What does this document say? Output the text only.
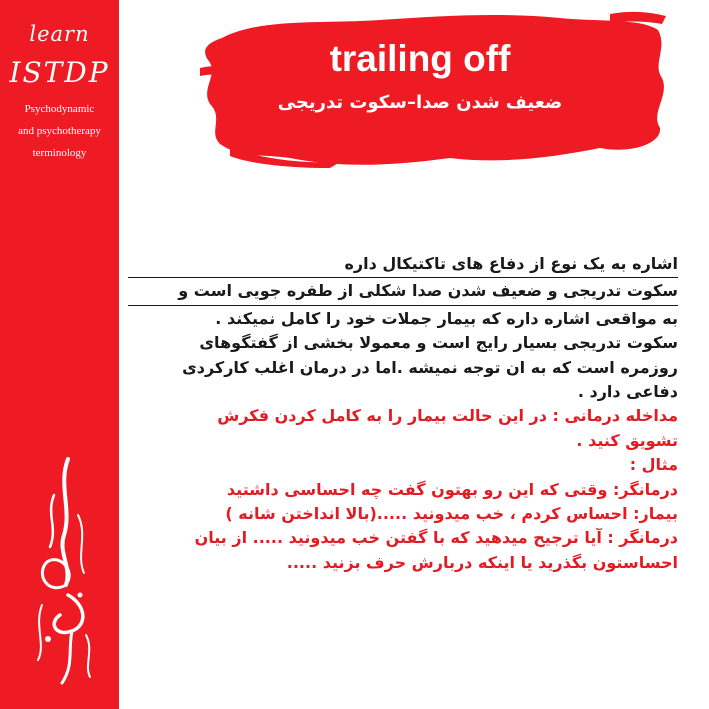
learn
ISTDP
Psychodynamic
and psychotherapy
terminology
trailing off
ضعیف شدن صدا–سکوت تدریجی
اشاره به یک نوع از دفاع های تاکتیکال داره
سکوت تدریجی و ضعیف شدن صدا شکلی از طفره جویی است و
به مواقعی اشاره داره که بیمار جملات خود را کامل نمیکند .
سکوت تدریجی بسیار رایج است و معمولا بخشی از گفتگوهای
روزمره است که به ان توجه نمیشه .اما در درمان اغلب کارکردی
دفاعی دارد .
مداخله درمانی : در این حالت بیمار را به کامل کردن فکرش
تشویق کنید .
مثال :
درمانگر: وقتی که این رو بهتون گفت چه احساسی داشتید
بیمار: احساس کردم ، خب میدونید .....(بالا انداختن شانه )
درمانگر : آیا ترجیح میدهید که با گفتن خب میدونید ..... از بیان
احساستون بگذرید یا اینکه دربارش حرف بزنید .....
